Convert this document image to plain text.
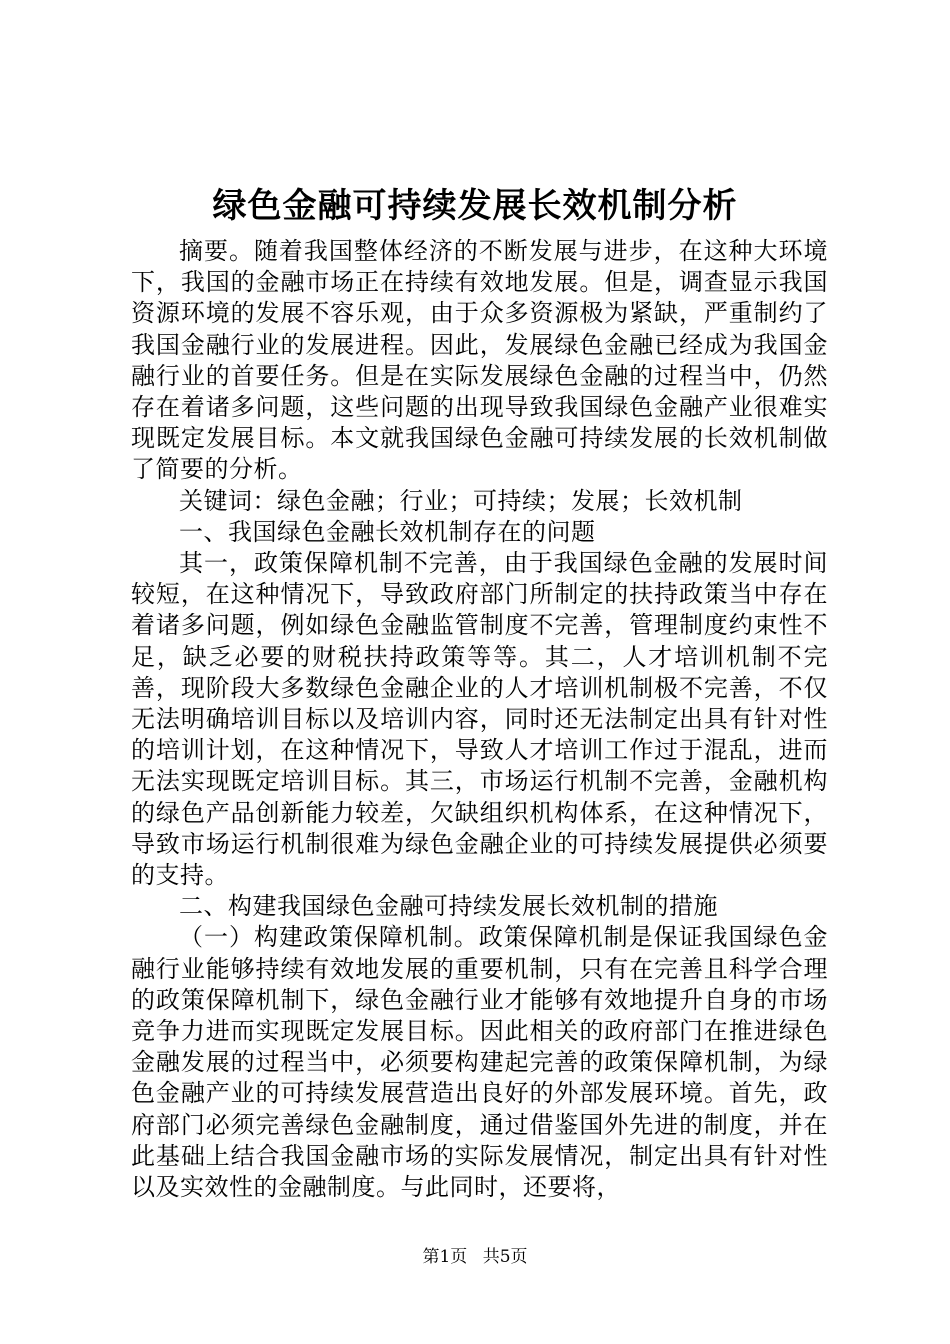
绿色金融可持续发展长效机制分析

摘要。随着我国整体经济的不断发展与进步，在这种大环境下，我国的金融市场正在持续有效地发展。但是，调查显示我国资源环境的发展不容乐观，由于众多资源极为紧缺，严重制约了我国金融行业的发展进程。因此，发展绿色金融已经成为我国金融行业的首要任务。但是在实际发展绿色金融的过程当中，仍然存在着诸多问题，这些问题的出现导致我国绿色金融产业很难实现既定发展目标。本文就我国绿色金融可持续发展的长效机制做了简要的分析。

关键词：绿色金融；行业；可持续；发展；长效机制

一、我国绿色金融长效机制存在的问题

其一，政策保障机制不完善，由于我国绿色金融的发展时间较短，在这种情况下，导致政府部门所制定的扶持政策当中存在着诸多问题，例如绿色金融监管制度不完善，管理制度约束性不足，缺乏必要的财税扶持政策等等。其二，人才培训机制不完善，现阶段大多数绿色金融企业的人才培训机制极不完善，不仅无法明确培训目标以及培训内容，同时还无法制定出具有针对性的培训计划，在这种情况下，导致人才培训工作过于混乱，进而无法实现既定培训目标。其三，市场运行机制不完善，金融机构的绿色产品创新能力较差，欠缺组织机构体系，在这种情况下，导致市场运行机制很难为绿色金融企业的可持续发展提供必须要的支持。

二、构建我国绿色金融可持续发展长效机制的措施

（一）构建政策保障机制。政策保障机制是保证我国绿色金融行业能够持续有效地发展的重要机制，只有在完善且科学合理的政策保障机制下，绿色金融行业才能够有效地提升自身的市场竞争力进而实现既定发展目标。因此相关的政府部门在推进绿色金融发展的过程当中，必须要构建起完善的政策保障机制，为绿色金融产业的可持续发展营造出良好的外部发展环境。首先，政府部门必须完善绿色金融制度，通过借鉴国外先进的制度，并在此基础上结合我国金融市场的实际发展情况，制定出具有针对性以及实效性的金融制度。与此同时，还要将，

第1页 共5页
